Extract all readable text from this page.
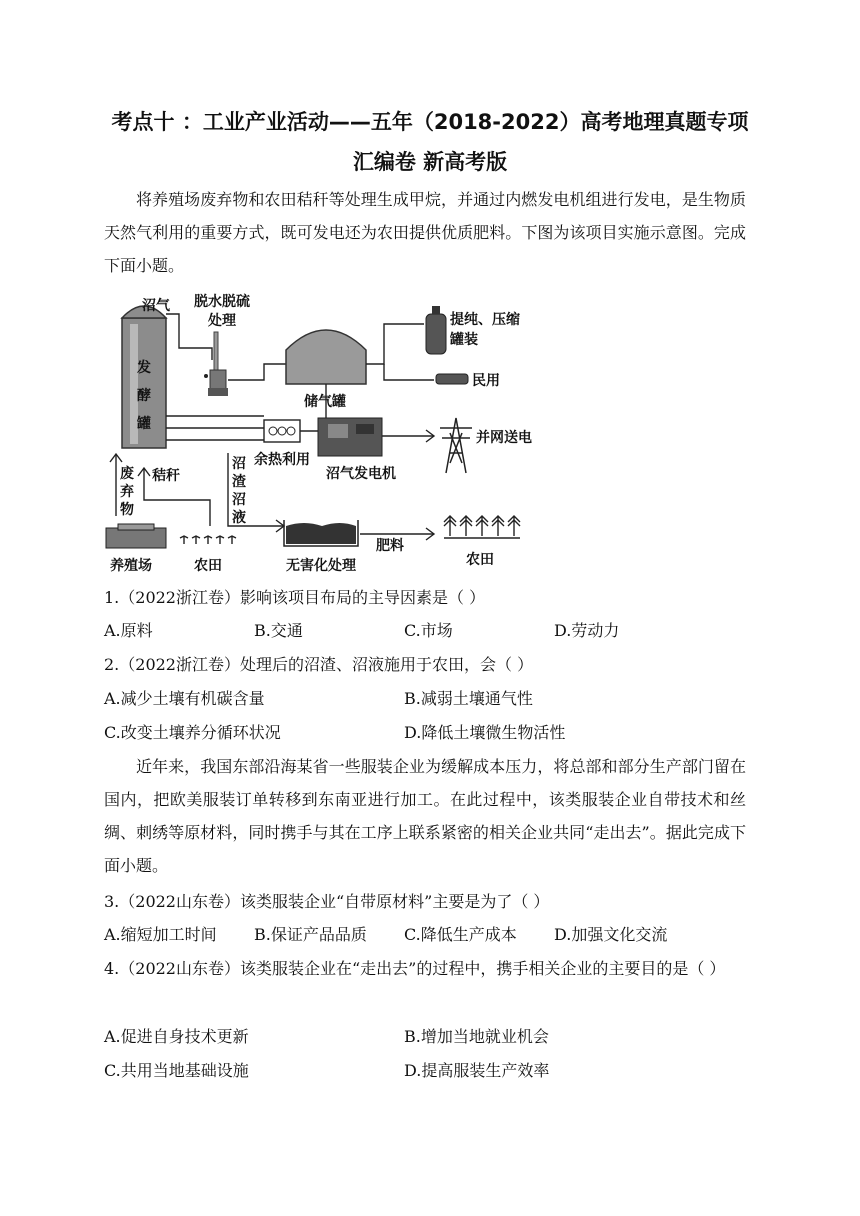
考点十 ：工业产业活动——五年（2018-2022）高考地理真题专项
汇编卷 新高考版
将养殖场废弃物和农田秸秆等处理生成甲烷，并通过内燃发电机组进行发电，是生物质天然气利用的重要方式，既可发电还为农田提供优质肥料。下图为该项目实施示意图。完成下面小题。
发
酵
罐
沼气 脱水脱硫
处理
储气罐
提纯、压缩
罐装
民用
余热利用
沼气发电机
并网送电
废
弃
物
秸秆
沼
渣
沼
液
养殖场	农田	无害化处理
肥料
农田
1.（2022浙江卷）影响该项目布局的主导因素是（ ）
A.原料	B.交通	C.市场	D.劳动力
2.（2022浙江卷）处理后的沼渣、沼液施用于农田，会（ ）
A.减少土壤有机碳含量	B.减弱土壤通气性
C.改变土壤养分循环状况	D.降低土壤微生物活性
近年来，我国东部沿海某省一些服装企业为缓解成本压力，将总部和部分生产部门留在国内，把欧美服装订单转移到东南亚进行加工。在此过程中，该类服装企业自带技术和丝绸、刺绣等原材料，同时携手与其在工序上联系紧密的相关企业共同“走出去”。据此完成下面小题。
3.（2022山东卷）该类服装企业“自带原材料”主要是为了（ ）
A.缩短加工时间 B.保证产品品质 C.降低生产成本 D.加强文化交流
4.（2022山东卷）该类服装企业在“走出去”的过程中，携手相关企业的主要目的是（ ）
A.促进自身技术更新	B.增加当地就业机会
C.共用当地基础设施	D.提高服装生产效率
